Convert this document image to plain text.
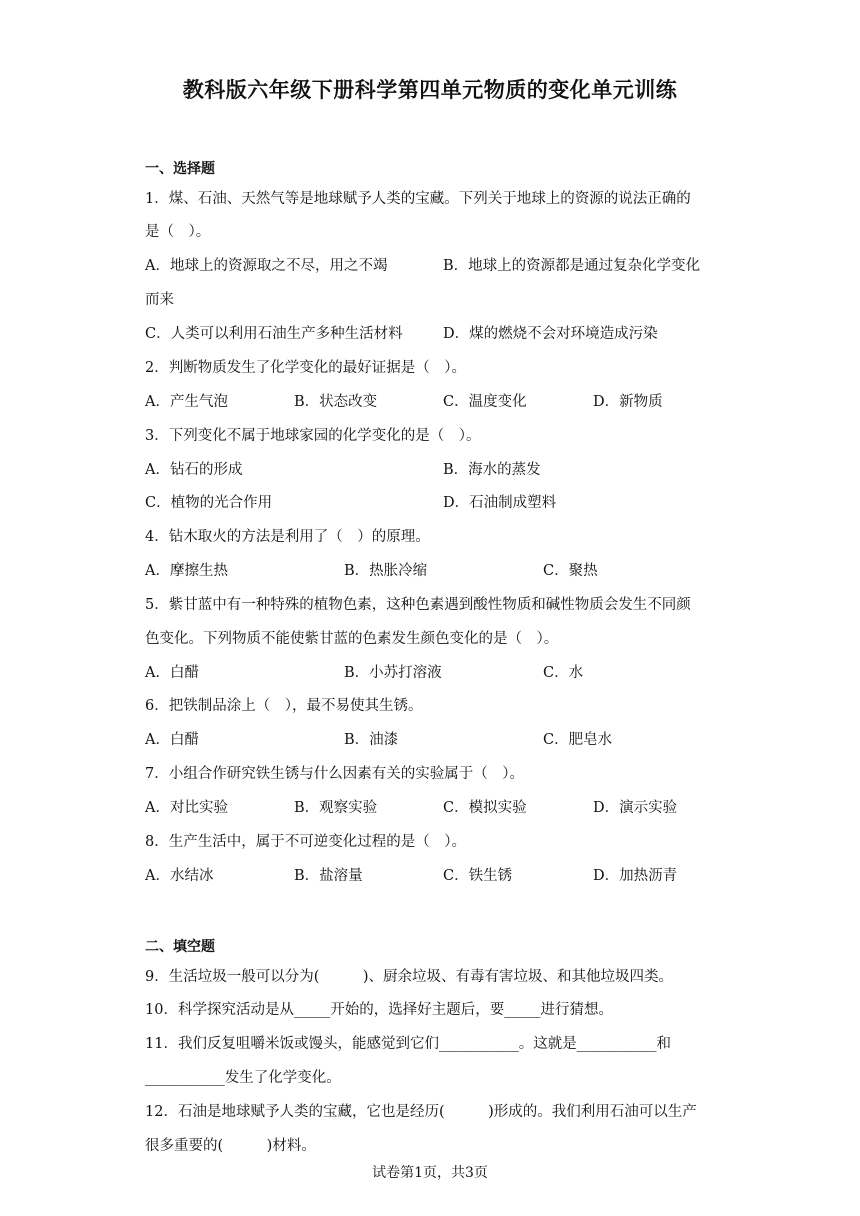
教科版六年级下册科学第四单元物质的变化单元训练
一、选择题
1．煤、石油、天然气等是地球赋予人类的宝藏。下列关于地球上的资源的说法正确的
是（　）。
A．地球上的资源取之不尽，用之不竭	B．地球上的资源都是通过复杂化学变化
而来
C．人类可以利用石油生产多种生活材料	D．煤的燃烧不会对环境造成污染
2．判断物质发生了化学变化的最好证据是（　）。
A．产生气泡	B．状态改变	C．温度变化	D．新物质
3．下列变化不属于地球家园的化学变化的是（　）。
A．钻石的形成	B．海水的蒸发
C．植物的光合作用	D．石油制成塑料
4．钻木取火的方法是利用了（　）的原理。
A．摩擦生热	B．热胀冷缩	C．聚热
5．紫甘蓝中有一种特殊的植物色素，这种色素遇到酸性物质和碱性物质会发生不同颜
色变化。下列物质不能使紫甘蓝的色素发生颜色变化的是（　）。
A．白醋	B．小苏打溶液	C．水
6．把铁制品涂上（　），最不易使其生锈。
A．白醋	B．油漆	C．肥皂水
7．小组合作研究铁生锈与什么因素有关的实验属于（　）。
A．对比实验	B．观察实验	C．模拟实验	D．演示实验
8．生产生活中，属于不可逆变化过程的是（　）。
A．水结冰	B．盐溶量	C．铁生锈	D．加热沥青
二、填空题
9．生活垃圾一般可以分为(　　　)、厨余垃圾、有毒有害垃圾、和其他垃圾四类。
10．科学探究活动是从_____开始的，选择好主题后，要_____进行猜想。
11．我们反复咀嚼米饭或馒头，能感觉到它们___________。这就是___________和
___________发生了化学变化。
12．石油是地球赋予人类的宝藏，它也是经历(　　　)形成的。我们利用石油可以生产
很多重要的(　　　)材料。
试卷第1页，共3页
